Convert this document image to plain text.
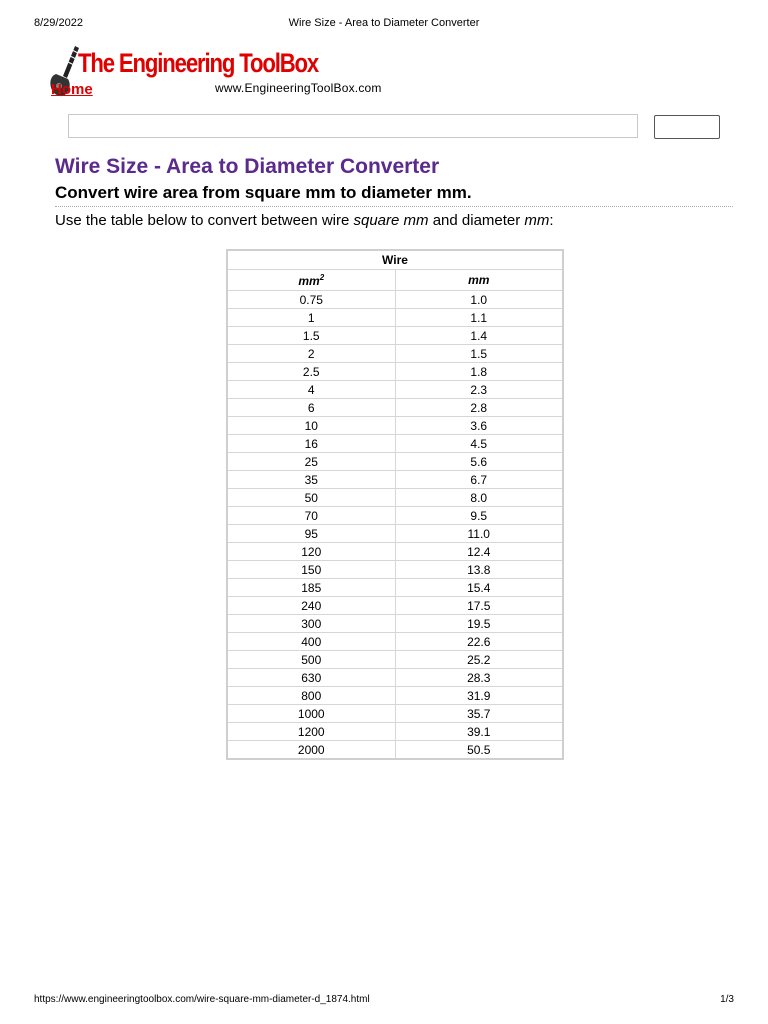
8/29/2022	Wire Size - Area to Diameter Converter
The Engineering ToolBox
Home	www.EngineeringToolBox.com
Wire Size - Area to Diameter Converter
Convert wire area from square mm to diameter mm.

Use the table below to convert between wire square mm and diameter mm:

Wire	
$mm^2$	mm
0.75	1.0
1	1.1
1.5	1.4
2	1.5
2.5	1.8
4	2.3
6	2.8
10	3.6
16	4.5
25	5.6
35	6.7
50	8.0
70	9.5
95	11.0
120	12.4
150	13.8
185	15.4
240	17.5
300	19.5
400	22.6
500	25.2
630	28.3
800	31.9
1000	35.7
1200	39.1
2000	50.5
https://www.engineeringtoolbox.com/wire-square-mm-diameter-d_1874.html	1/3
